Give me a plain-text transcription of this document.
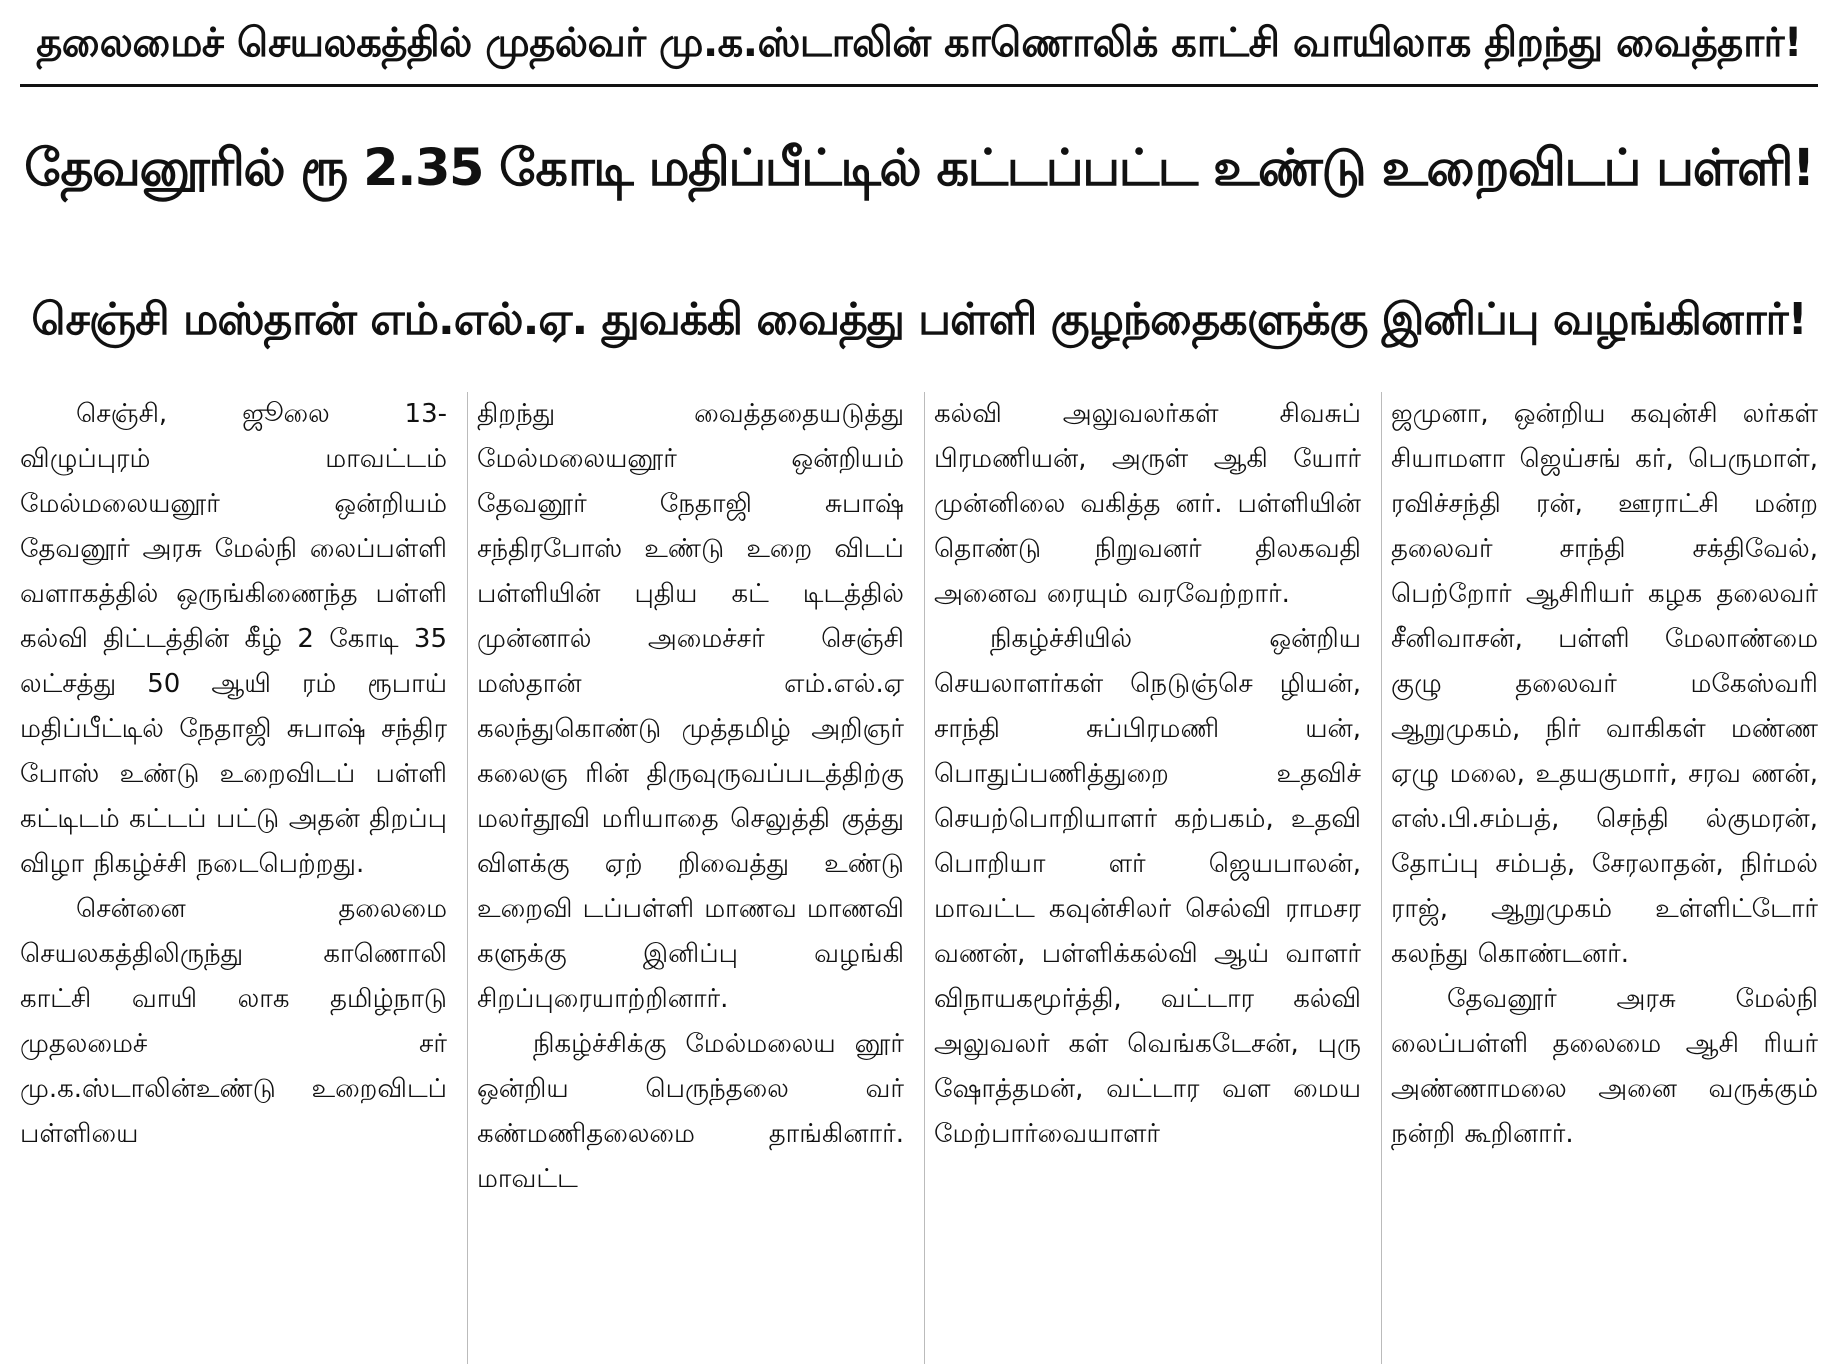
தலைமைச் செயலகத்தில் முதல்வர் மு.க.ஸ்டாலின் காணொலிக் காட்சி வாயிலாக திறந்து வைத்தார்!
தேவனூரில் ரூ 2.35 கோடி மதிப்பீட்டில் கட்டப்பட்ட உண்டு உறைவிடப் பள்ளி!
செஞ்சி மஸ்தான் எம்.எல்.ஏ. துவக்கி வைத்து பள்ளி குழந்தைகளுக்கு இனிப்பு வழங்கினார்!

செஞ்சி, ஜூலை 13- விழுப்புரம் மாவட்டம் மேல்மலையனூர் ஒன்றியம் தேவனூர் அரசு மேல்நி லைப்பள்ளி வளாகத்தில் ஒருங்கிணைந்த பள்ளி கல்வி திட்டத்தின் கீழ் 2 கோடி 35 லட்சத்து 50 ஆயி ரம் ரூபாய் மதிப்பீட்டில் நேதாஜி சுபாஷ் சந்திர போஸ் உண்டு உறைவிடப் பள்ளி கட்டிடம் கட்டப் பட்டு அதன் திறப்பு விழா நிகழ்ச்சி நடைபெற்றது.

சென்னை தலைமை செயலகத்திலிருந்து காணொலி காட்சி வாயி லாக தமிழ்நாடு முதலமைச் சர் மு.க.ஸ்டாலின்உண்டு உறைவிடப் பள்ளியை

திறந்து வைத்ததையடுத்து மேல்மலையனூர் ஒன்றியம் தேவனூர் நேதாஜி சுபாஷ் சந்திரபோஸ் உண்டு உறை விடப் பள்ளியின் புதிய கட் டிடத்தில் முன்னால் அமைச்சர் செஞ்சி மஸ்தான் எம்.எல்.ஏ கலந்துகொண்டு முத்தமிழ் அறிஞர் கலைஞ ரின் திருவுருவப்படத்திற்கு மலர்தூவி மரியாதை செலுத்தி குத்து விளக்கு ஏற் றிவைத்து உண்டு உறைவி டப்பள்ளி மாணவ மாணவி களுக்கு இனிப்பு வழங்கி சிறப்புரையாற்றினார்.

நிகழ்ச்சிக்கு மேல்மலைய னூர் ஒன்றிய பெருந்தலை வர் கண்மணிதலைமை தாங்கினார். மாவட்ட

கல்வி அலுவலர்கள் சிவசுப் பிரமணியன், அருள் ஆகி யோர் முன்னிலை வகித்த னர். பள்ளியின் தொண்டு நிறுவனர் திலகவதி அனைவ ரையும் வரவேற்றார்.

நிகழ்ச்சியில் ஒன்றிய செயலாளர்கள் நெடுஞ்செ ழியன், சாந்தி சுப்பிரமணி யன், பொதுப்பணித்துறை உதவிச் செயற்பொறியாளர் கற்பகம், உதவி பொறியா ளர் ஜெயபாலன், மாவட்ட கவுன்சிலர் செல்வி ராமசர வணன், பள்ளிக்கல்வி ஆய் வாளர் விநாயகமூர்த்தி, வட்டார கல்வி அலுவலர் கள் வெங்கடேசன், புரு ஷோத்தமன், வட்டார வள மைய மேற்பார்வையாளர்

ஜமுனா, ஒன்றிய கவுன்சி லர்கள் சியாமளா ஜெய்சங் கர், பெருமாள், ரவிச்சந்தி ரன், ஊராட்சி மன்ற தலைவர் சாந்தி சக்திவேல், பெற்றோர் ஆசிரியர் கழக தலைவர் சீனிவாசன், பள்ளி மேலாண்மை குழு தலைவர் மகேஸ்வரி ஆறுமுகம், நிர் வாகிகள் மண்ண ஏழு மலை, உதயகுமார், சரவ ணன், எஸ்.பி.சம்பத், செந்தி ல்குமரன், தோப்பு சம்பத், சேரலாதன், நிர்மல் ராஜ், ஆறுமுகம் உள்ளிட்டோர் கலந்து கொண்டனர்.

தேவனூர் அரசு மேல்நி லைப்பள்ளி தலைமை ஆசி ரியர் அண்ணாமலை அனை வருக்கும் நன்றி கூறினார்.
